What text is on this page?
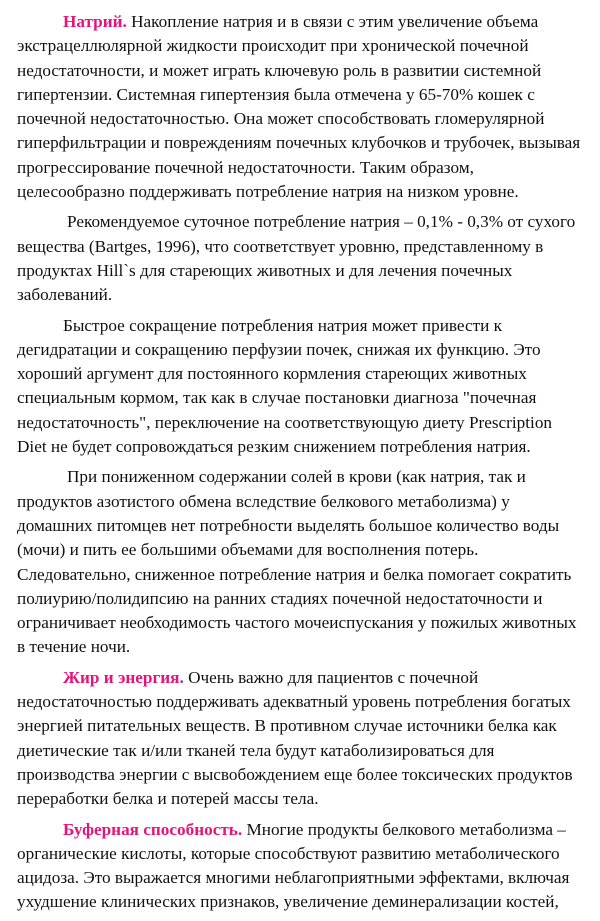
Натрий. Накопление натрия и в связи с этим увеличение объема экстрацеллюлярной жидкости происходит при хронической почечной недостаточности, и может играть ключевую роль в развитии системной гипертензии. Системная гипертензия была отмечена у 65-70% кошек с почечной недостаточностью. Она может способствовать гломерулярной гиперфильтрации и повреждениям почечных клубочков и трубочек, вызывая прогрессирование почечной недостаточности. Таким образом, целесообразно поддерживать потребление натрия на низком уровне.

Рекомендуемое суточное потребление натрия – 0,1% - 0,3% от сухого вещества (Bartges, 1996), что соответствует уровню, представленному в продуктах Hill`s для стареющих животных и для лечения почечных заболеваний.

Быстрое сокращение потребления натрия может привести к дегидратации и сокращению перфузии почек, снижая их функцию. Это хороший аргумент для постоянного кормления стареющих животных специальным кормом, так как в случае постановки диагноза "почечная недостаточность", переключение на соответствующую диету Prescription Diet не будет сопровождаться резким снижением потребления натрия.

При пониженном содержании солей в крови (как натрия, так и продуктов азотистого обмена вследствие белкового метаболизма) у домашних питомцев нет потребности выделять большое количество воды (мочи) и пить ее большими объемами для восполнения потерь. Следовательно, сниженное потребление натрия и белка помогает сократить полиурию/полидипсию на ранних стадиях почечной недостаточности и ограничивает необходимость частого мочеиспускания у пожилых животных в течение ночи.

Жир и энергия. Очень важно для пациентов с почечной недостаточностью поддерживать адекватный уровень потребления богатых энергией питательных веществ. В противном случае источники белка как диетические так и/или тканей тела будут катаболизироваться для производства энергии с высвобождением еще более токсических продуктов переработки белка и потерей массы тела.

Буферная способность. Многие продукты белкового метаболизма – органические кислоты, которые способствуют развитию метаболического ацидоза. Это выражается многими неблагоприятными эффектами, включая ухудшение клинических признаков, увеличение деминерализации костей,
